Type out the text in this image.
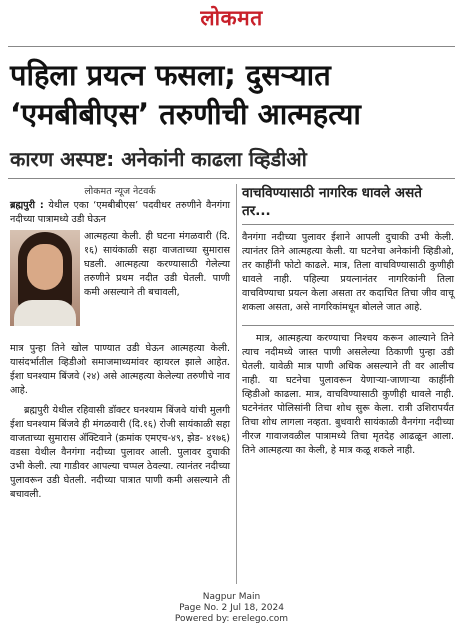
लोकमत
पहिला प्रयत्न फसला; दुसऱ्यात ‘एमबीबीएस’ तरुणीची आत्महत्या
कारण अस्पष्ट: अनेकांनी काढला व्हिडीओ
लोकमत न्यूज नेटवर्क

ब्रह्मपुरी : येथील एका ‘एमबीबीएस’ पदवीधर तरुणीने वैनगंगा नदीच्या पात्रामध्ये उडी घेऊन

आत्महत्या केली. ही घटना मंगळवारी (दि. १६) सायंकाळी सहा वाजताच्या सुमारास घडली. आत्महत्या करण्यासाठी गेलेल्या तरुणीने प्रथम नदीत उडी घेतली. पाणी कमी असल्याने ती बचावली,

मात्र पुन्हा तिने खोल पाण्यात उडी घेऊन आत्महत्या केली. यासंदर्भातील व्हिडीओ समाजमाध्यमांवर व्हायरल झाले आहेत. ईशा घनश्याम बिंजवे (२४) असे आत्महत्या केलेल्या तरुणीचे नाव आहे.

ब्रह्मपुरी येथील रहिवासी डॉक्टर घनश्याम बिंजवे यांची मुलगी ईशा घनश्याम बिंजवे ही मंगळवारी (दि.१६) रोजी सायंकाळी सहा वाजताच्या सुमारास ॲक्टिवाने (क्रमांक एमएच-४९, झेड- ४१७६) वडसा येथील वैनगंगा नदीच्या पुलावर आली. पुलावर दुचाकी उभी केली. त्या गाडीवर आपल्या चप्पल ठेवल्या. त्यानंतर नदीच्या पुलावरून उडी घेतली. नदीच्या पात्रात पाणी कमी असल्याने ती बचावली.

वाचविण्यासाठी नागरिक धावले असते तर...

वैनगंगा नदीच्या पुलावर ईशाने आपली दुचाकी उभी केली. त्यानंतर तिने आत्महत्या केली. या घटनेचा अनेकांनी व्हिडीओ, तर काहींनी फोटो काढले. मात्र, तिला वाचविण्यासाठी कुणीही धावले नाही. पहिल्या प्रयत्नानंतर नागरिकांनी तिला वाचविण्याचा प्रयत्न केला असता तर कदाचित तिचा जीव वाचू शकला असता, असे नागरिकांमधून बोलले जात आहे.

मात्र, आत्महत्या करण्याचा निश्चय करून आल्याने तिने त्याच नदीमध्ये जास्त पाणी असलेल्या ठिकाणी पुन्हा उडी घेतली. यावेळी मात्र पाणी अधिक असल्याने ती वर आलीच नाही. या घटनेचा पुलावरून येणाऱ्या-जाणाऱ्या काहींनी व्हिडीओ काढला. मात्र, वाचविण्यासाठी कुणीही धावले नाही. घटनेनंतर पोलिसांनी तिचा शोध सुरू केला. रात्री उशिरापर्यंत तिचा शोध लागला नव्हता. बुधवारी सायंकाळी वैनगंगा नदीच्या नीरज गावाजवळील पात्रामध्ये तिचा मृतदेह आढळून आला. तिने आत्महत्या का केली, हे मात्र कळू शकले नाही.

Nagpur Main
Page No. 2 Jul 18, 2024
Powered by: erelego.com
